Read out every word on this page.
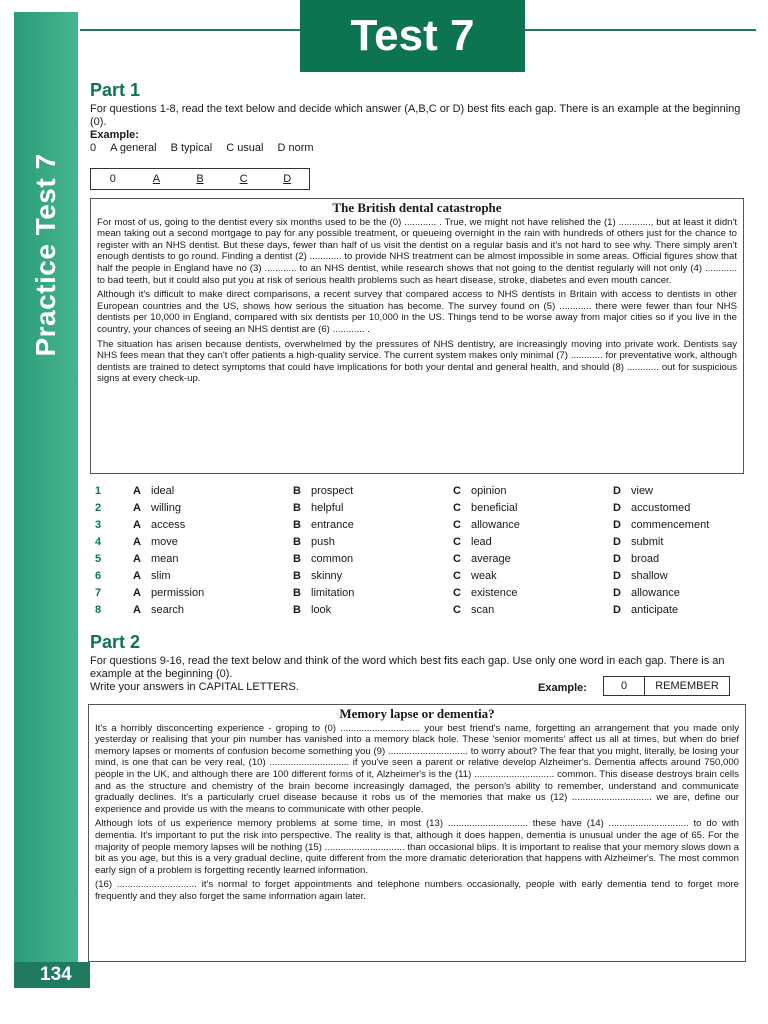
Practice Test 7
134
Test 7
Part 1

For questions 1-8, read the text below and decide which answer (A,B,C or D) best fits each gap. There is an example at the beginning (0).

Example:

0 A general B typical C usual D norm
0	A	B	C	D
The British dental catastrophe

For most of us, going to the dentist every six months used to be the (0) ............ . True, we might not have relished the (1) ............, but at least it didn't mean taking out a second mortgage to pay for any possible treatment, or queueing overnight in the rain with hundreds of others just for the chance to register with an NHS dentist. But these days, fewer than half of us visit the dentist on a regular basis and it's not hard to see why. There simply aren't enough dentists to go round. Finding a dentist (2) ............ to provide NHS treatment can be almost impossible in some areas. Official figures show that half the people in England have no (3) ............ to an NHS dentist, while research shows that not going to the dentist regularly will not only (4) ............ to bad teeth, but it could also put you at risk of serious health problems such as heart disease, stroke, diabetes and even mouth cancer.

Although it's difficult to make direct comparisons, a recent survey that compared access to NHS dentists in Britain with access to dentists in other European countries and the US, shows how serious the situation has become. The survey found on (5) ............ there were fewer than four NHS dentists per 10,000 in England, compared with six dentists per 10,000 in the US. Things tend to be worse away from major cities so if you live in the country, your chances of seeing an NHS dentist are (6) ............ .

The situation has arisen because dentists, overwhelmed by the pressures of NHS dentistry, are increasingly moving into private work. Dentists say NHS fees mean that they can't offer patients a high-quality service. The current system makes only minimal (7) ............ for preventative work, although dentists are trained to detect symptoms that could have implications for both your dental and general health, and should (8) ............ out for suspicious signs at every check-up.

1	A ideal	B prospect	C opinion	D view
2	A willing	B helpful	C beneficial	D accustomed
3	A access	B entrance	C allowance	D commencement
4	A move	B push	C lead	D submit
5	A mean	B common	C average	D broad
6	A slim	B skinny	C weak	D shallow
7	A permission	B limitation	C existence	D allowance
8	A search	B look	C scan	D anticipate
Part 2

For questions 9-16, read the text below and think of the word which best fits each gap. Use only one word in each gap. There is an example at the beginning (0).

Write your answers in CAPITAL LETTERS.	Example:	0	REMEMBER
Memory lapse or dementia?

It's a horribly disconcerting experience - groping to (0) .............................. your best friend's name, forgetting an arrangement that you made only yesterday or realising that your pin number has vanished into a memory black hole. These 'senior moments' affect us all at times, but when do brief memory lapses or moments of confusion become something you (9) .............................. to worry about? The fear that you might, literally, be losing your mind, is one that can be very real, (10) .............................. if you've seen a parent or relative develop Alzheimer's. Dementia affects around 750,000 people in the UK, and although there are 100 different forms of it, Alzheimer's is the (11) .............................. common. This disease destroys brain cells and as the structure and chemistry of the brain become increasingly damaged, the person's ability to remember, understand and communicate gradually declines. It's a particularly cruel disease because it robs us of the memories that make us (12) .............................. we are, define our experience and provide us with the means to communicate with other people.

Although lots of us experience memory problems at some time, in most (13) .............................. these have (14) .............................. to do with dementia. It's important to put the risk into perspective. The reality is that, although it does happen, dementia is unusual under the age of 65. For the majority of people memory lapses will be nothing (15) .............................. than occasional blips. It is important to realise that your memory slows down a bit as you age, but this is a very gradual decline, quite different from the more dramatic deterioration that happens with Alzheimer's. The most common early sign of a problem is forgetting recently learned information.

(16) .............................. it's normal to forget appointments and telephone numbers occasionally, people with early dementia tend to forget more frequently and they also forget the same information again later.
